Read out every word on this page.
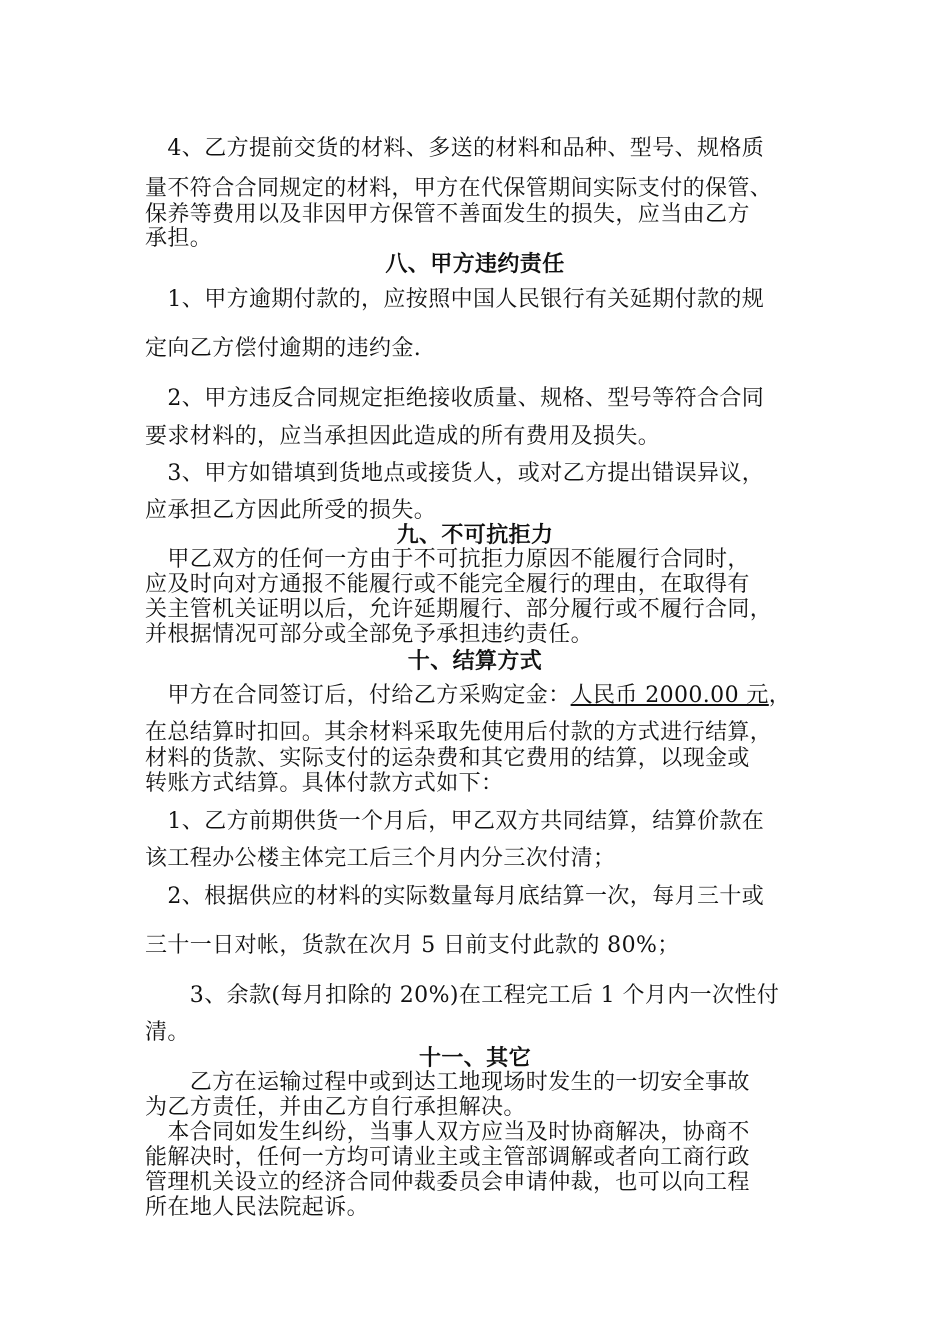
　4、乙方提前交货的材料、多送的材料和品种、型号、规格质
量不符合合同规定的材料，甲方在代保管期间实际支付的保管、
保养等费用以及非因甲方保管不善面发生的损失，应当由乙方
承担。
八、甲方违约责任
　1、甲方逾期付款的，应按照中国人民银行有关延期付款的规
定向乙方偿付逾期的违约金.
　2、甲方违反合同规定拒绝接收质量、规格、型号等符合合同
要求材料的，应当承担因此造成的所有费用及损失。
　3、甲方如错填到货地点或接货人，或对乙方提出错误异议，
应承担乙方因此所受的损失。
九、不可抗拒力
　甲乙双方的任何一方由于不可抗拒力原因不能履行合同时，
应及时向对方通报不能履行或不能完全履行的理由，在取得有
关主管机关证明以后，允许延期履行、部分履行或不履行合同，
并根据情况可部分或全部免予承担违约责任。
十、结算方式
　甲方在合同签订后，付给乙方采购定金：人民币 2000.00 元，
在总结算时扣回。其余材料采取先使用后付款的方式进行结算，
材料的货款、实际支付的运杂费和其它费用的结算，以现金或
转账方式结算。具体付款方式如下：
　1、乙方前期供货一个月后，甲乙双方共同结算，结算价款在
该工程办公楼主体完工后三个月内分三次付清；
　2、根据供应的材料的实际数量每月底结算一次，每月三十或
三十一日对帐，货款在次月 5 日前支付此款的 80%；
　　3、余款(每月扣除的 20%)在工程完工后 1 个月内一次性付
清。
十一、其它
　　乙方在运输过程中或到达工地现场时发生的一切安全事故
为乙方责任，并由乙方自行承担解决。
　本合同如发生纠纷，当事人双方应当及时协商解决，协商不
能解决时，任何一方均可请业主或主管部调解或者向工商行政
管理机关设立的经济合同仲裁委员会申请仲裁，也可以向工程
所在地人民法院起诉。
